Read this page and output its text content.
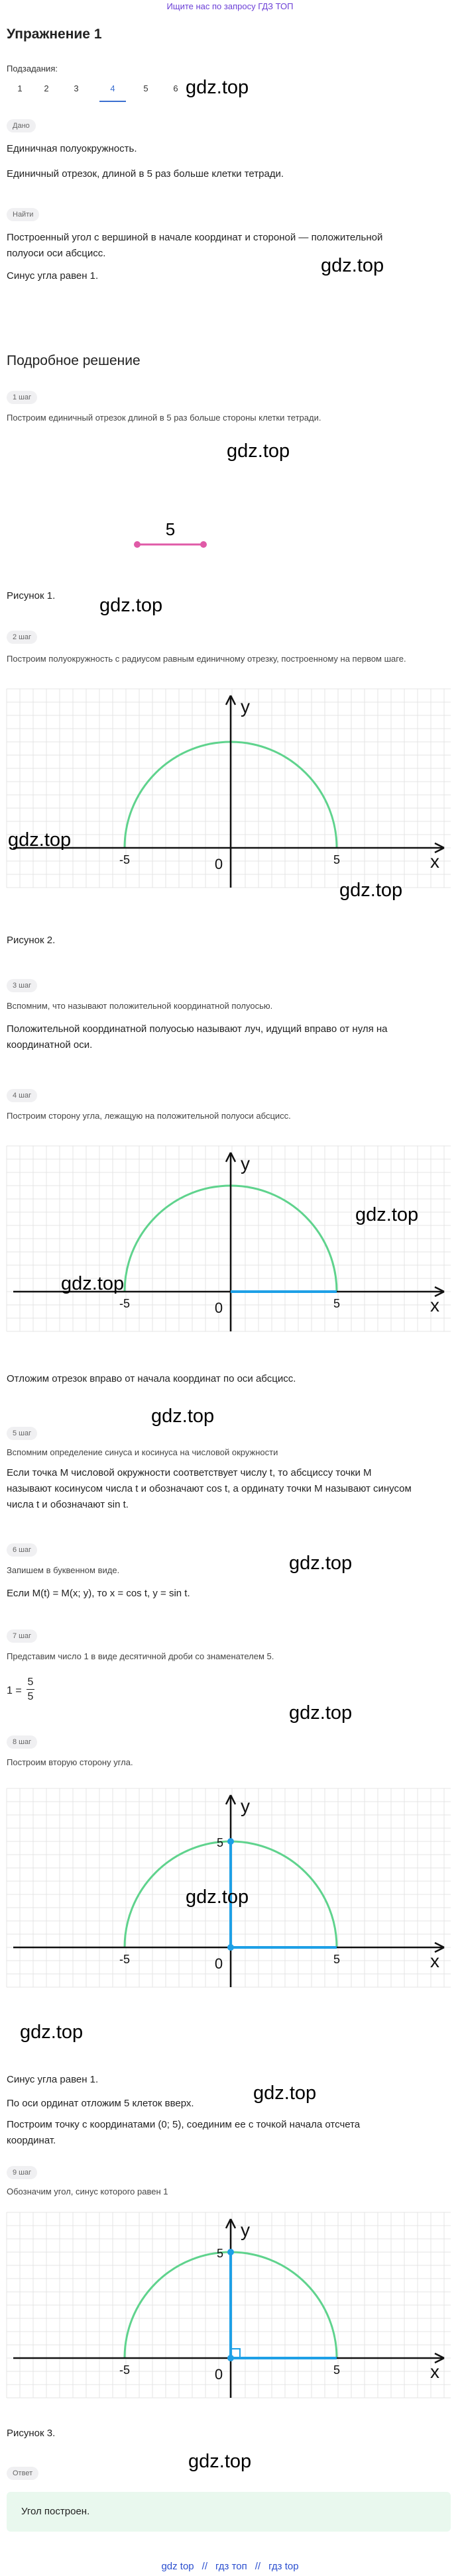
Ищите нас по запросу ГДЗ ТОП
Упражнение 1
Подзадания:
1	2	3	4	5	6
Дано
Единичная полуокружность.
Единичный отрезок, длиной в 5 раз больше клетки тетради.
Найти
Построенный угол с вершиной в начале координат и стороной — положительной полуоси оси абсцисс.
Синус угла равен 1.
Подробное решение
1 шаг
Построим единичный отрезок длиной в 5 раз больше стороны клетки тетради.
5
Рисунок 1.
2 шаг
Построим полуокружность с радиусом равным единичному отрезку, построенному на первом шаге.
x
y
0
-5	5
Рисунок 2.
3 шаг
Вспомним, что называют положительной координатной полуосью.
Положительной координатной полуосью называют луч, идущий вправо от нуля на координатной оси.
4 шаг
Построим сторону угла, лежащую на положительной полуоси абсцисс.
x
y
0
-5	5
Отложим отрезок вправо от начала координат по оси абсцисс.
5 шаг
Вспомним определение синуса и косинуса на числовой окружности
Если точка M числовой окружности соответствует числу t, то абсциссу точки M называют косинусом числа t и обозначают cos t, а ординату точки M называют синусом числа t и обозначают sin t.
6 шаг
Запишем в буквенном виде.
Если M(t) = M(x; y), то x = cos t, y = sin t.
7 шаг
Представим число 1 в виде десятичной дроби со знаменателем 5.
1 =
5
5
8 шаг
Построим вторую сторону угла.
x
y
0
-5	5
5
Синус угла равен 1.
По оси ординат отложим 5 клеток вверх.
Построим точку с координатами (0; 5), соединим ее с точкой начала отсчета координат.
9 шаг
Обозначим угол, синус которого равен 1
x
y
0
-5	5
5
Рисунок 3.
Ответ
Угол построен.
gdz.top
gdz.top
gdz.top
gdz.top
gdz.top
gdz.top
gdz.top
gdz.top
gdz.top
gdz.top
gdz.top
gdz.top
gdz.top
gdz.top
gdz.top
gdz top // гдз топ // гдз top
